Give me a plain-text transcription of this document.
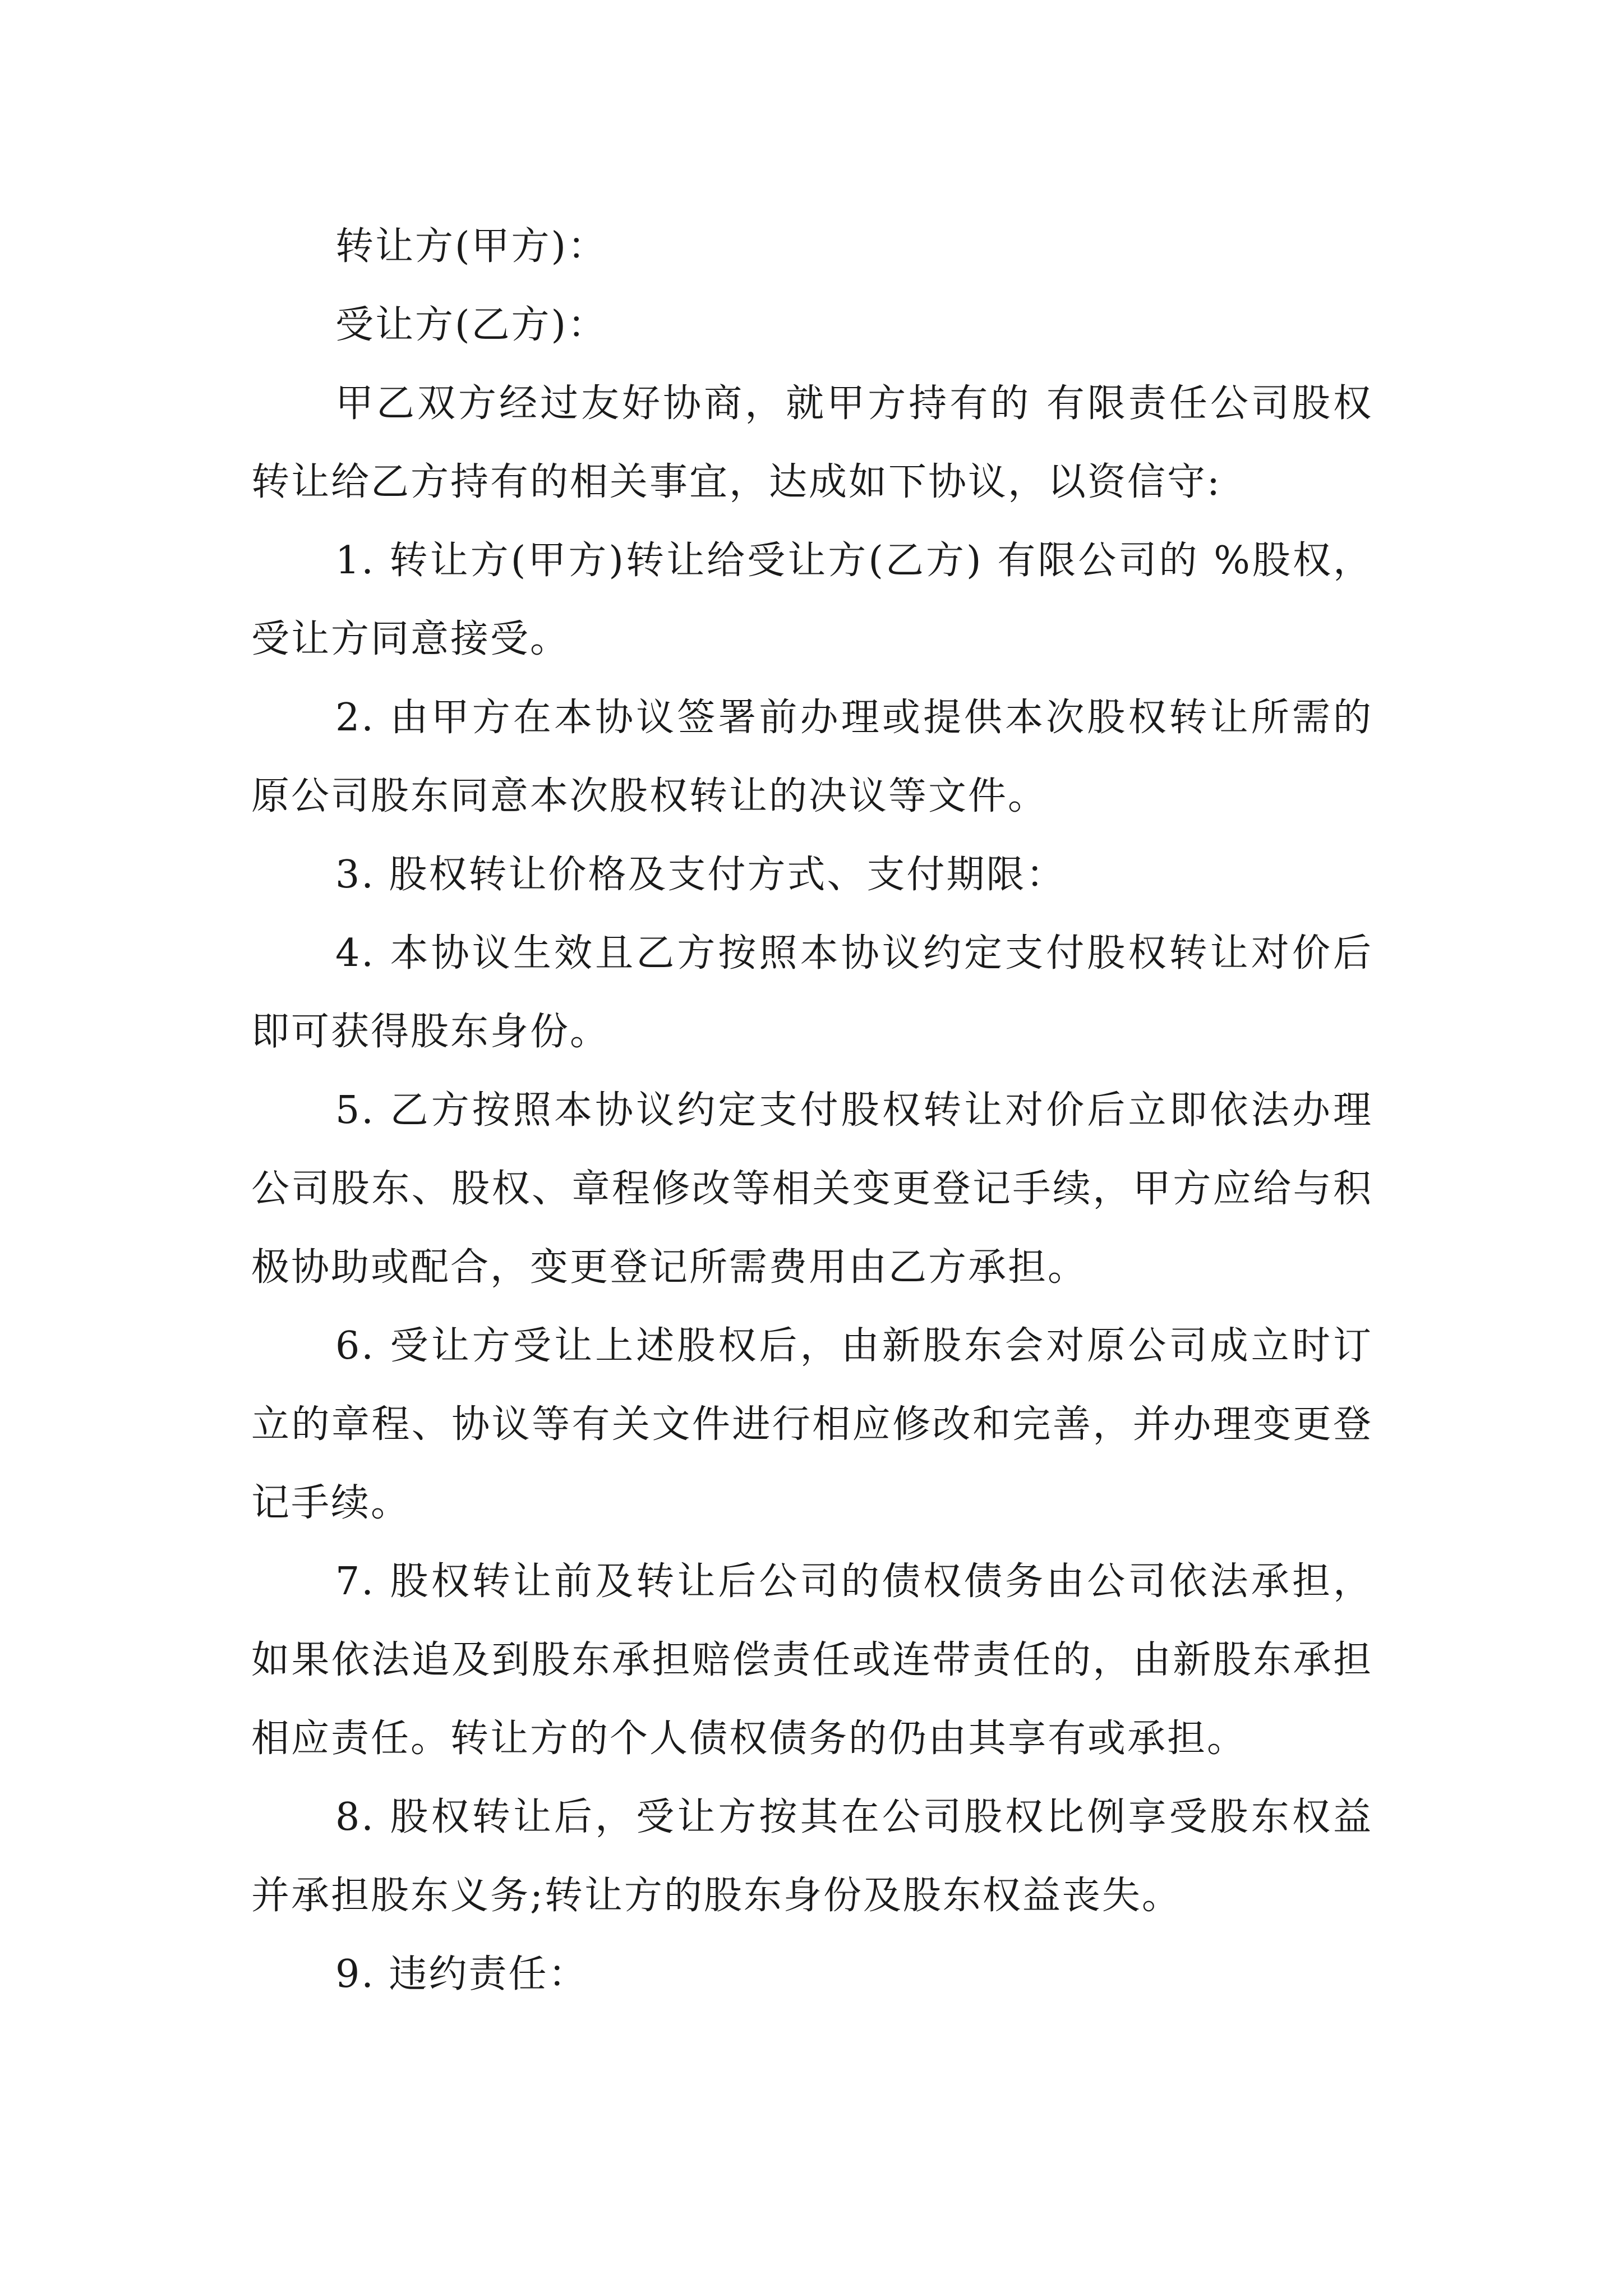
转让方(甲方)：

受让方(乙方)：

甲乙双方经过友好协商，就甲方持有的 有限责任公司股权转让给乙方持有的相关事宜，达成如下协议，以资信守:

1. 转让方(甲方)转让给受让方(乙方) 有限公司的 %股权，受让方同意接受。

2. 由甲方在本协议签署前办理或提供本次股权转让所需的原公司股东同意本次股权转让的决议等文件。

3. 股权转让价格及支付方式、支付期限：

4. 本协议生效且乙方按照本协议约定支付股权转让对价后即可获得股东身份。

5. 乙方按照本协议约定支付股权转让对价后立即依法办理公司股东、股权、章程修改等相关变更登记手续，甲方应给与积极协助或配合，变更登记所需费用由乙方承担。

6. 受让方受让上述股权后，由新股东会对原公司成立时订立的章程、协议等有关文件进行相应修改和完善，并办理变更登记手续。

7. 股权转让前及转让后公司的债权债务由公司依法承担，如果依法追及到股东承担赔偿责任或连带责任的，由新股东承担相应责任。转让方的个人债权债务的仍由其享有或承担。

8. 股权转让后，受让方按其在公司股权比例享受股东权益并承担股东义务;转让方的股东身份及股东权益丧失。

9. 违约责任：
